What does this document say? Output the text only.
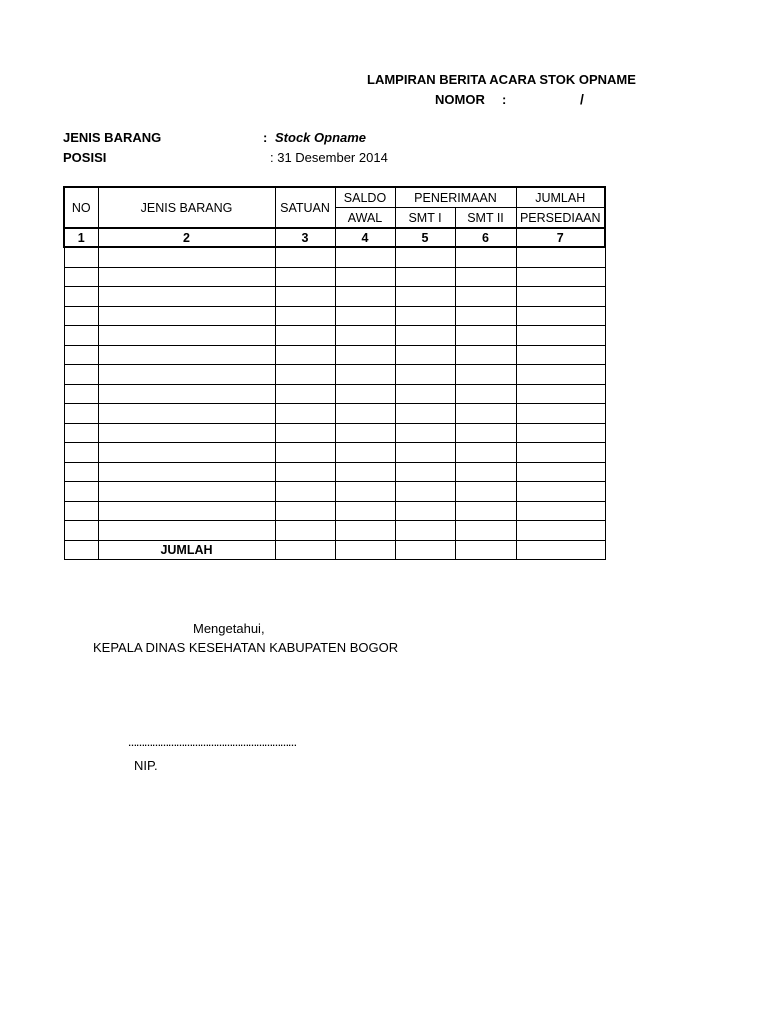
LAMPIRAN BERITA ACARA STOK OPNAME
NOMOR :	/
JENIS BARANG	: Stock Opname
POSISI	: 31 Desember 2014
NO	JENIS BARANG	SATUAN	SALDO	PENERIMAAN		JUMLAH
			AWAL	SMT I	SMT II	PERSEDIAAN
1	2	3	4	5	6	7

	JUMLAH					
Mengetahui,
KEPALA DINAS KESEHATAN KABUPATEN BOGOR
………………………………………………………
NIP.
